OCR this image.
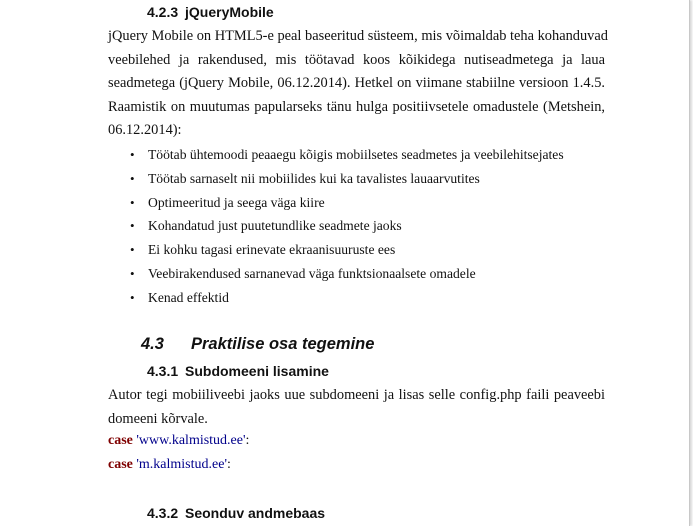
4.2.3 jQueryMobile
jQuery Mobile on HTML5-e peal baseeritud süsteem, mis võimaldab teha kohanduvad
veebilehed ja rakendused, mis töötavad koos kõikidega nutiseadmetega ja laua
seadmetega (jQuery Mobile, 06.12.2014). Hetkel on viimane stabiilne versioon 1.4.5.
Raamistik on muutumas papularseks tänu hulga positiivsetele omadustele (Metshein,
06.12.2014):
• Töötab ühtemoodi peaaegu kõigis mobiilsetes seadmetes ja veebilehitsejates
• Töötab sarnaselt nii mobiilides kui ka tavalistes lauaarvutites
• Optimeeritud ja seega väga kiire
• Kohandatud just puutetundlike seadmete jaoks
• Ei kohku tagasi erinevate ekraanisuuruste ees
• Veebirakendused sarnanevad väga funktsionaalsete omadele
• Kenad effektid
4.3 Praktilise osa tegemine
4.3.1 Subdomeeni lisamine
Autor tegi mobiiliveebi jaoks uue subdomeeni ja lisas selle config.php faili peaveebi
domeeni kõrvale.
case 'www.kalmistud.ee':
case 'm.kalmistud.ee':
4.3.2 Seonduv andmebaas
